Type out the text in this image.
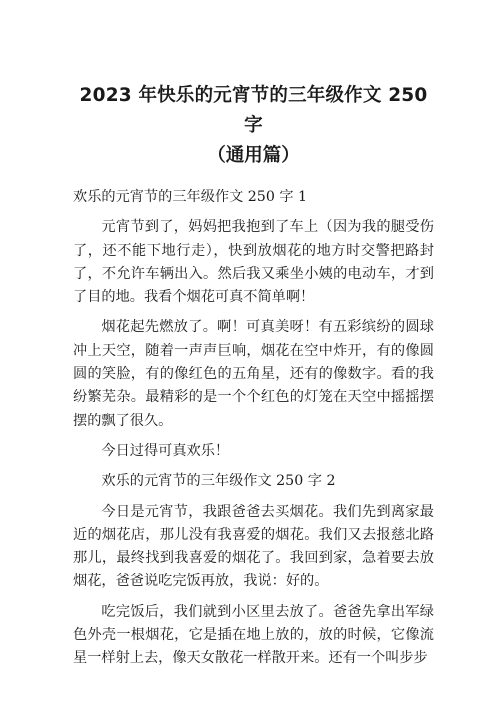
2023 年快乐的元宵节的三年级作文 250 字
（通用篇）

欢乐的元宵节的三年级作文 250 字 1

元宵节到了，妈妈把我抱到了车上（因为我的腿受伤了，还不能下地行走），快到放烟花的地方时交警把路封了，不允许车辆出入。然后我又乘坐小姨的电动车，才到了目的地。我看个烟花可真不简单啊！

烟花起先燃放了。啊！可真美呀！有五彩缤纷的圆球冲上天空，随着一声声巨响，烟花在空中炸开，有的像圆圆的笑脸，有的像红色的五角星，还有的像数字。看的我纷繁芜杂。最精彩的是一个个红色的灯笼在天空中摇摇摆摆的飘了很久。

今日过得可真欢乐！

欢乐的元宵节的三年级作文 250 字 2

今日是元宵节，我跟爸爸去买烟花。我们先到离家最近的烟花店，那儿没有我喜爱的烟花。我们又去报慈北路那儿，最终找到我喜爱的烟花了。我回到家，急着要去放烟花，爸爸说吃完饭再放，我说：好的。

吃完饭后，我们就到小区里去放了。爸爸先拿出军绿色外壳一根烟花，它是插在地上放的，放的时候，它像流星一样射上去，像天女散花一样散开来。还有一个叫步步
